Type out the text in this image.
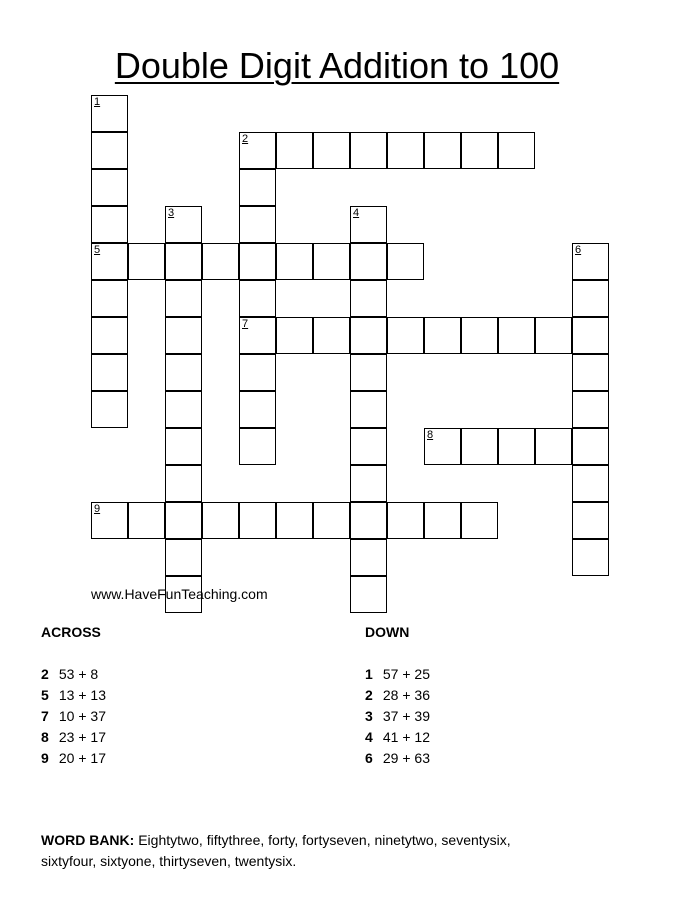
Double Digit Addition to 100
1
5
2
7
3	4
6
8
9
www.HaveFunTeaching.com
ACROSS
2 53 + 8
5 13 + 13
7 10 + 37
8 23 + 17
9 20 + 17
DOWN
1 57 + 25
2 28 + 36
3 37 + 39
4 41 + 12
6 29 + 63
WORD BANK: Eightytwo, fiftythree, forty, fortyseven, ninetytwo, seventysix, sixtyfour, sixtyone, thirtyseven, twentysix.
